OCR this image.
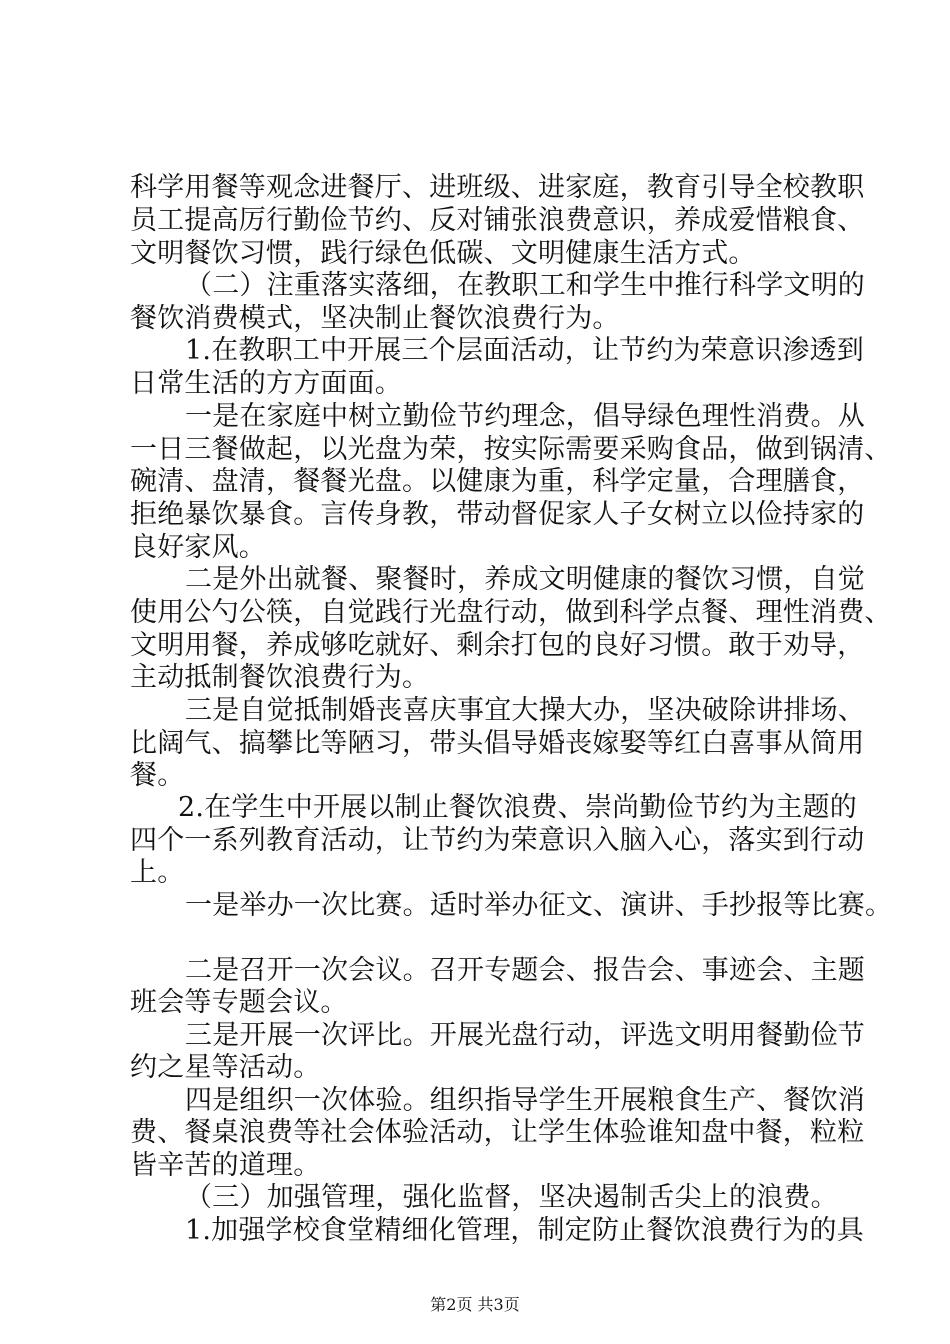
科学用餐等观念进餐厅、进班级、进家庭，教育引导全校教职
员工提高厉行勤俭节约、反对铺张浪费意识，养成爱惜粮食、
文明餐饮习惯，践行绿色低碳、文明健康生活方式。
（二）注重落实落细，在教职工和学生中推行科学文明的
餐饮消费模式，坚决制止餐饮浪费行为。
1.在教职工中开展三个层面活动，让节约为荣意识渗透到
日常生活的方方面面。
一是在家庭中树立勤俭节约理念，倡导绿色理性消费。从
一日三餐做起，以光盘为荣，按实际需要采购食品，做到锅清、
碗清、盘清，餐餐光盘。以健康为重，科学定量，合理膳食，
拒绝暴饮暴食。言传身教，带动督促家人子女树立以俭持家的
良好家风。
二是外出就餐、聚餐时，养成文明健康的餐饮习惯，自觉
使用公勺公筷，自觉践行光盘行动，做到科学点餐、理性消费、
文明用餐，养成够吃就好、剩余打包的良好习惯。敢于劝导，
主动抵制餐饮浪费行为。
三是自觉抵制婚丧喜庆事宜大操大办，坚决破除讲排场、
比阔气、搞攀比等陋习，带头倡导婚丧嫁娶等红白喜事从简用
餐。
2.在学生中开展以制止餐饮浪费、崇尚勤俭节约为主题的
四个一系列教育活动，让节约为荣意识入脑入心，落实到行动
上。
一是举办一次比赛。适时举办征文、演讲、手抄报等比赛。
二是召开一次会议。召开专题会、报告会、事迹会、主题
班会等专题会议。
三是开展一次评比。开展光盘行动，评选文明用餐勤俭节
约之星等活动。
四是组织一次体验。组织指导学生开展粮食生产、餐饮消
费、餐桌浪费等社会体验活动，让学生体验谁知盘中餐，粒粒
皆辛苦的道理。
（三）加强管理，强化监督，坚决遏制舌尖上的浪费。
1.加强学校食堂精细化管理，制定防止餐饮浪费行为的具
第2页 共3页
